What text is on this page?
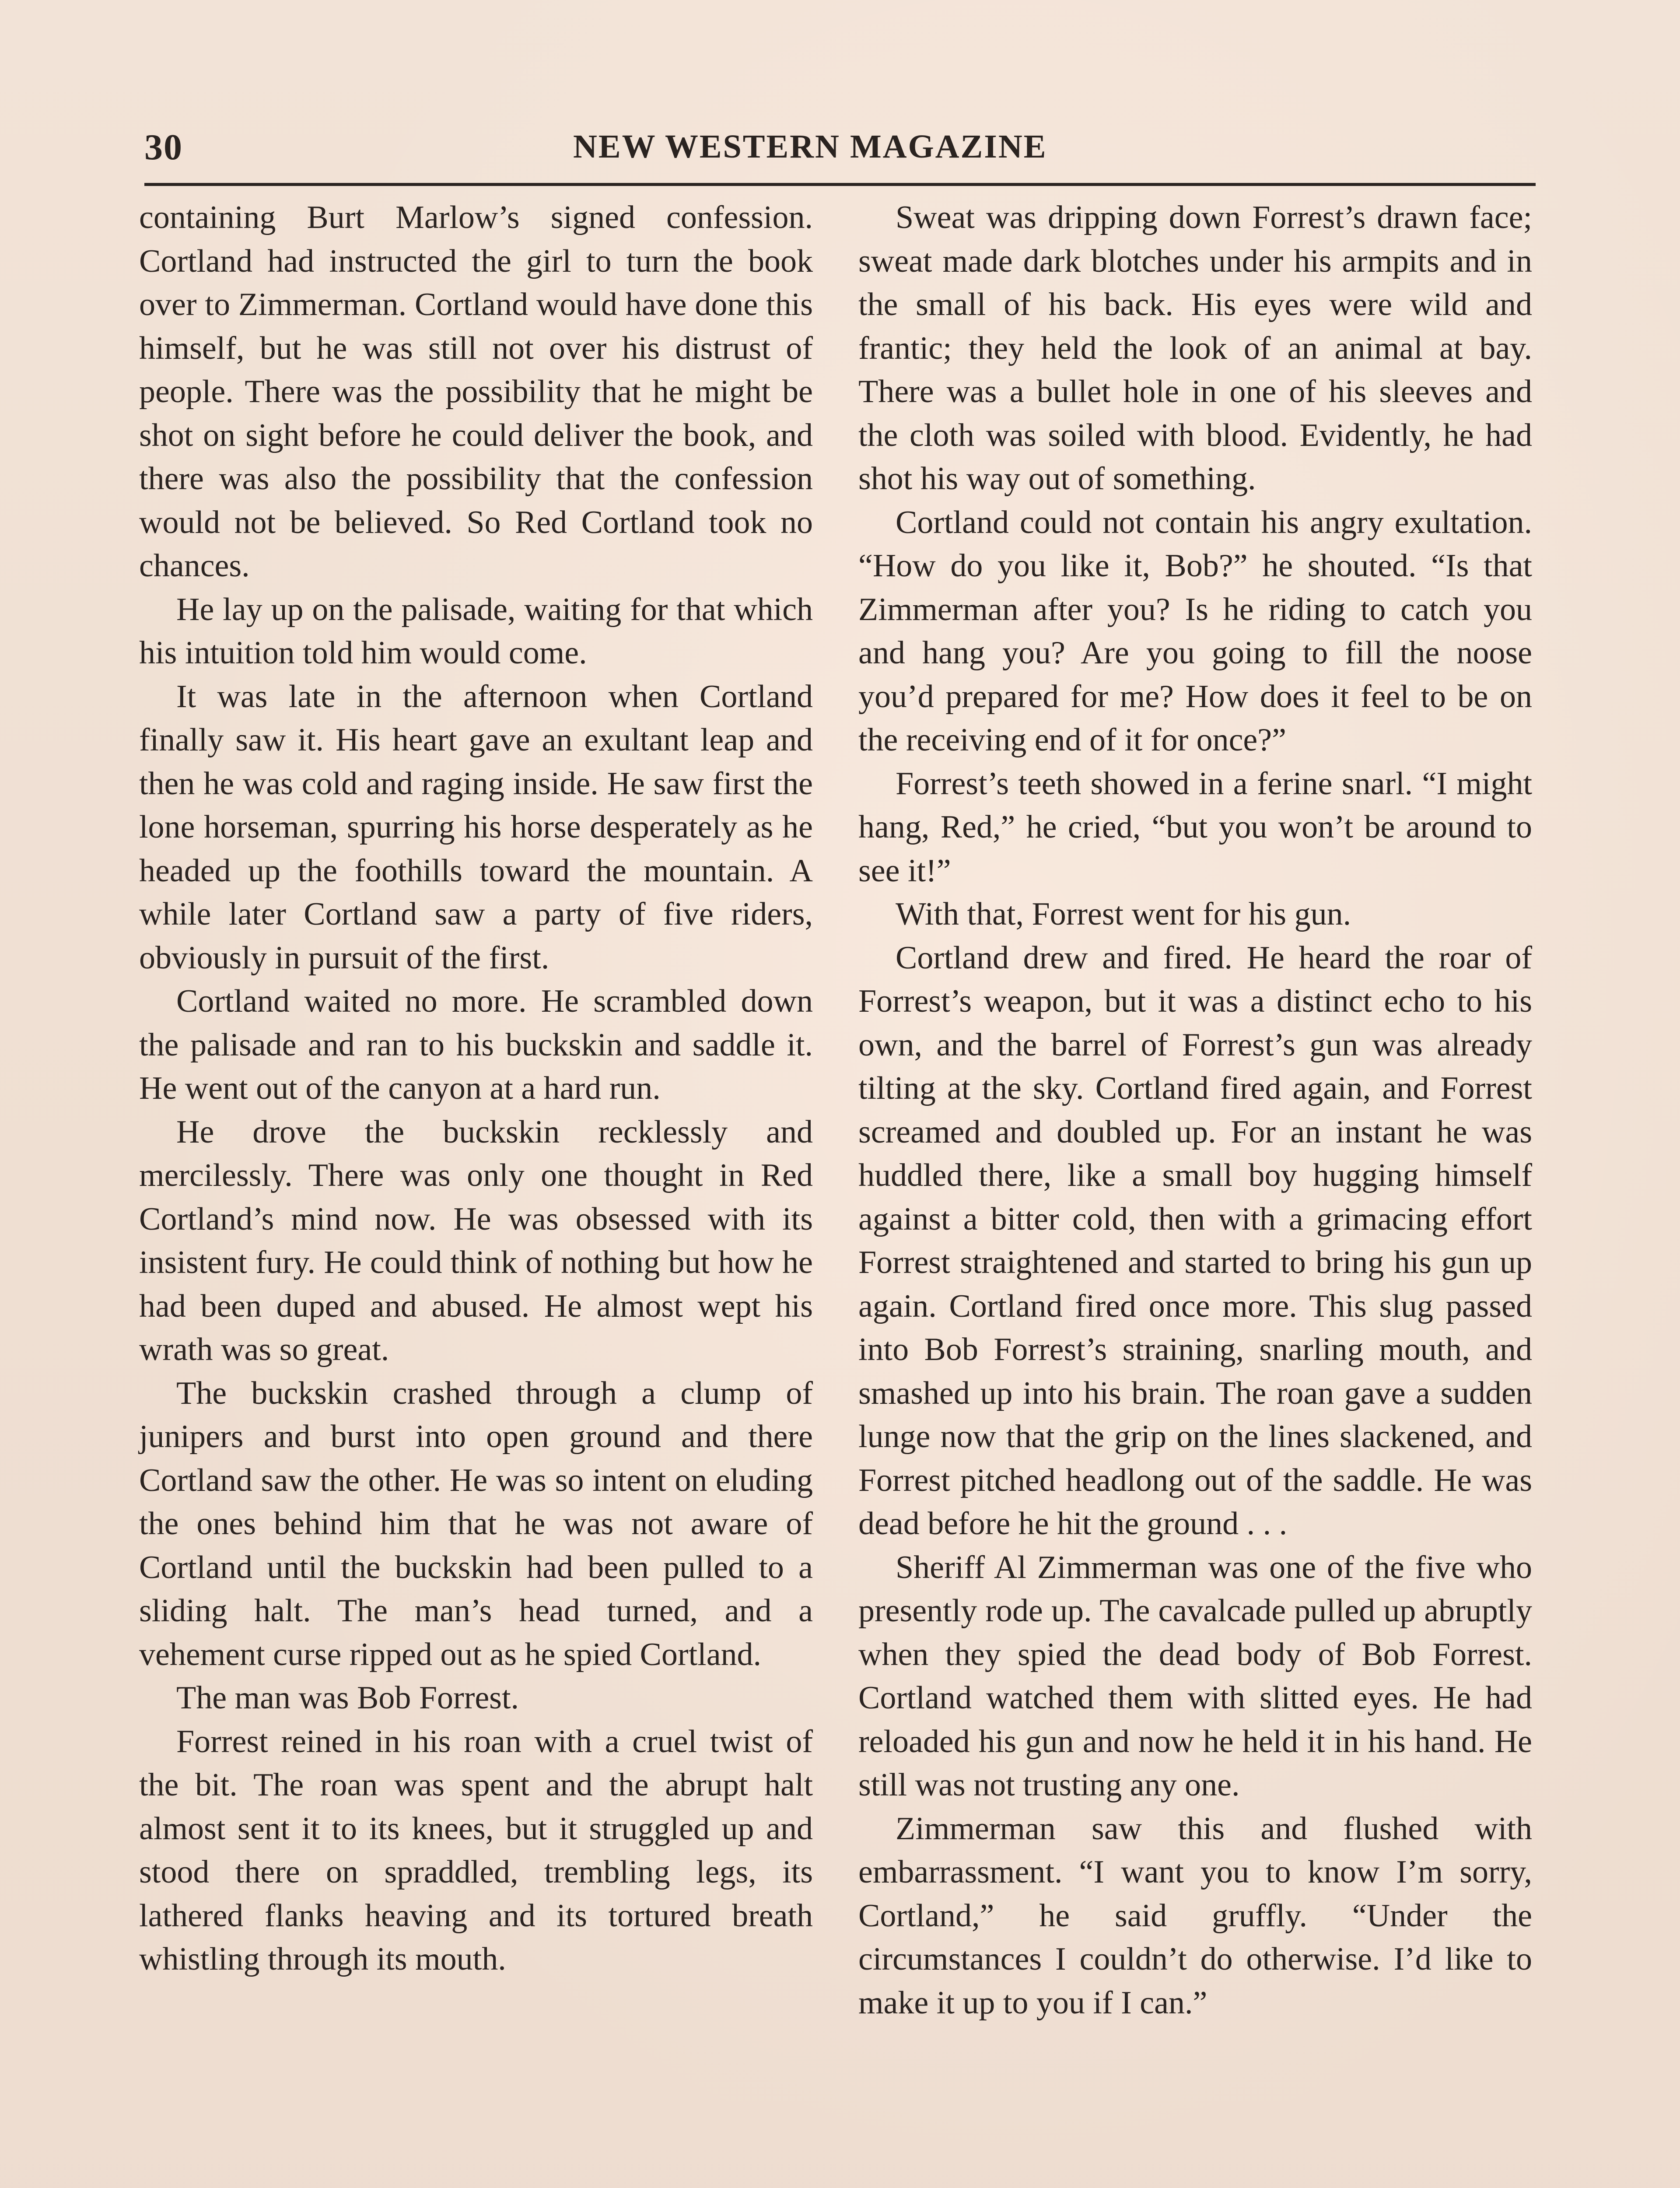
30	NEW WESTERN MAGAZINE

containing Burt Marlow’s signed confession. Cortland had instructed the girl to turn the book over to Zimmerman. Cortland would have done this himself, but he was still not over his distrust of people. There was the possibility that he might be shot on sight before he could deliver the book, and there was also the possibility that the confession would not be believed. So Red Cortland took no chances.

He lay up on the palisade, waiting for that which his intuition told him would come.

It was late in the afternoon when Cortland finally saw it. His heart gave an exultant leap and then he was cold and raging inside. He saw first the lone horseman, spurring his horse desperately as he headed up the foothills toward the mountain. A while later Cortland saw a party of five riders, obviously in pursuit of the first.

Cortland waited no more. He scrambled down the palisade and ran to his buckskin and saddle it. He went out of the canyon at a hard run.

He drove the buckskin recklessly and mercilessly. There was only one thought in Red Cortland’s mind now. He was obsessed with its insistent fury. He could think of nothing but how he had been duped and abused. He almost wept his wrath was so great.

The buckskin crashed through a clump of junipers and burst into open ground and there Cortland saw the other. He was so intent on eluding the ones behind him that he was not aware of Cortland until the buckskin had been pulled to a sliding halt. The man’s head turned, and a vehement curse ripped out as he spied Cortland.

The man was Bob Forrest.

Forrest reined in his roan with a cruel twist of the bit. The roan was spent and the abrupt halt almost sent it to its knees, but it struggled up and stood there on spraddled, trembling legs, its lathered flanks heaving and its tortured breath whistling through its mouth.

Sweat was dripping down Forrest’s drawn face; sweat made dark blotches under his armpits and in the small of his back. His eyes were wild and frantic; they held the look of an animal at bay. There was a bullet hole in one of his sleeves and the cloth was soiled with blood. Evidently, he had shot his way out of something.

Cortland could not contain his angry exultation. “How do you like it, Bob?” he shouted. “Is that Zimmerman after you? Is he riding to catch you and hang you? Are you going to fill the noose you’d prepared for me? How does it feel to be on the receiving end of it for once?”

Forrest’s teeth showed in a ferine snarl. “I might hang, Red,” he cried, “but you won’t be around to see it!”

With that, Forrest went for his gun.

Cortland drew and fired. He heard the roar of Forrest’s weapon, but it was a distinct echo to his own, and the barrel of Forrest’s gun was already tilting at the sky. Cortland fired again, and Forrest screamed and doubled up. For an instant he was huddled there, like a small boy hugging himself against a bitter cold, then with a grimacing effort Forrest straightened and started to bring his gun up again. Cortland fired once more. This slug passed into Bob Forrest’s straining, snarling mouth, and smashed up into his brain. The roan gave a sudden lunge now that the grip on the lines slackened, and Forrest pitched headlong out of the saddle. He was dead before he hit the ground . . .

Sheriff Al Zimmerman was one of the five who presently rode up. The cavalcade pulled up abruptly when they spied the dead body of Bob Forrest. Cortland watched them with slitted eyes. He had reloaded his gun and now he held it in his hand. He still was not trusting any one.

Zimmerman saw this and flushed with embarrassment. “I want you to know I’m sorry, Cortland,” he said gruffly. “Under the circumstances I couldn’t do otherwise. I’d like to make it up to you if I can.”
